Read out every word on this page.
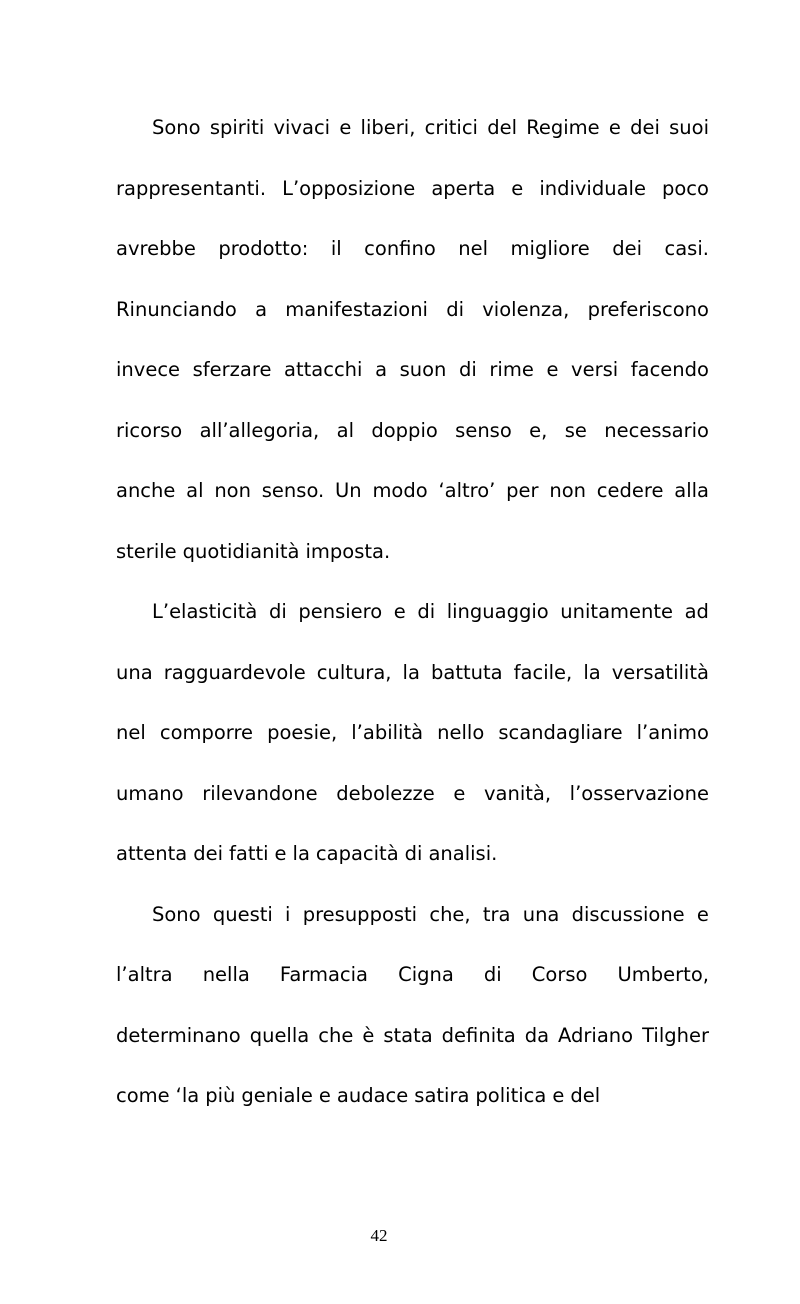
Sono spiriti vivaci e liberi, critici del Regime e dei suoi
rappresentanti. L’opposizione aperta e individuale poco
avrebbe prodotto: il confino nel migliore dei casi.
Rinunciando a manifestazioni di violenza, preferiscono
invece sferzare attacchi a suon di rime e versi facendo
ricorso all’allegoria, al doppio senso e, se necessario
anche al non senso. Un modo ‘altro’ per non cedere alla
sterile quotidianità imposta.
L’elasticità di pensiero e di linguaggio unitamente ad
una ragguardevole cultura, la battuta facile, la versatilità
nel comporre poesie, l’abilità nello scandagliare l’animo
umano rilevandone debolezze e vanità, l’osservazione
attenta dei fatti e la capacità di analisi.
Sono questi i presupposti che, tra una discussione e
l’altra nella Farmacia Cigna di Corso Umberto,
determinano quella che è stata definita da Adriano Tilgher
come ‘la più geniale e audace satira politica e del
42
